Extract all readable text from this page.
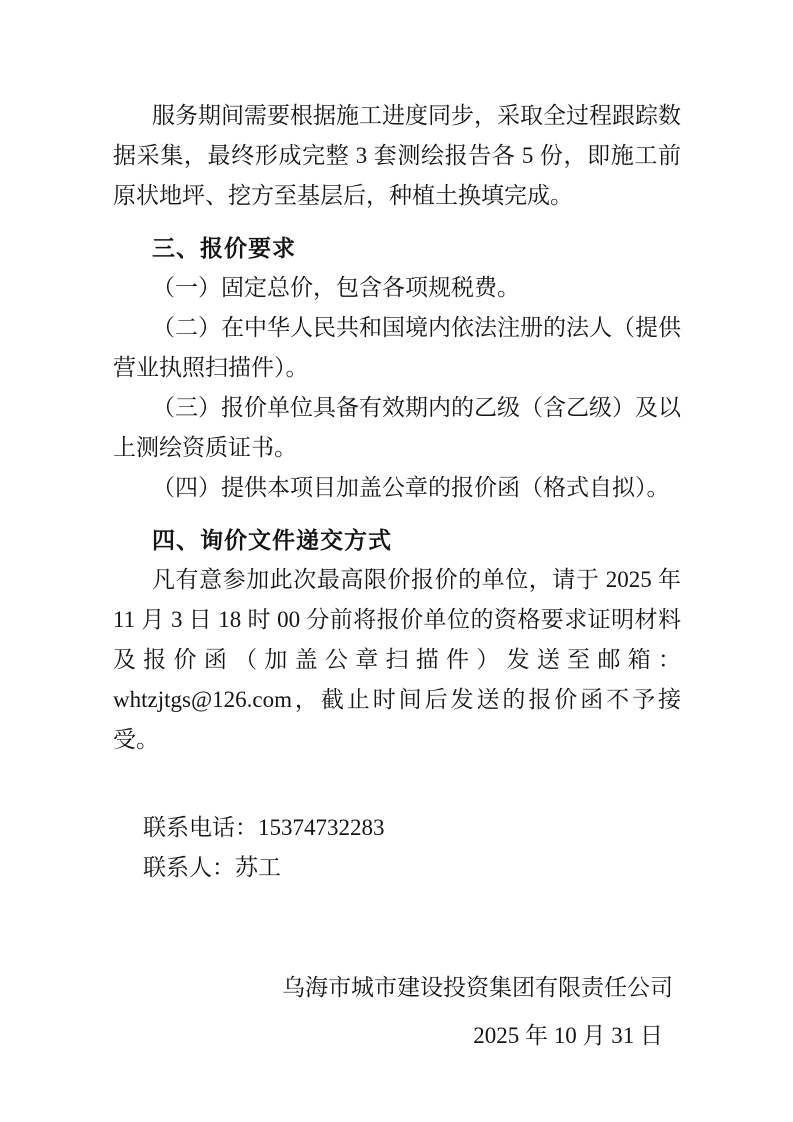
服务期间需要根据施工进度同步，采取全过程跟踪数据采集，最终形成完整 3 套测绘报告各 5 份，即施工前原状地坪、挖方至基层后，种植土换填完成。

三、报价要求

（一）固定总价，包含各项规税费。

（二）在中华人民共和国境内依法注册的法人（提供营业执照扫描件）。

（三）报价单位具备有效期内的乙级（含乙级）及以上测绘资质证书。

（四）提供本项目加盖公章的报价函（格式自拟）。

四、询价文件递交方式

凡有意参加此次最高限价报价的单位，请于 2025 年 11 月 3 日 18 时 00 分前将报价单位的资格要求证明材料及报价函（加盖公章扫描件）发送至邮箱：whtzjtgs@126.com，截止时间后发送的报价函不予接受。

联系电话：15374732283

联系人：苏工

乌海市城市建设投资集团有限责任公司

2025 年 10 月 31 日
